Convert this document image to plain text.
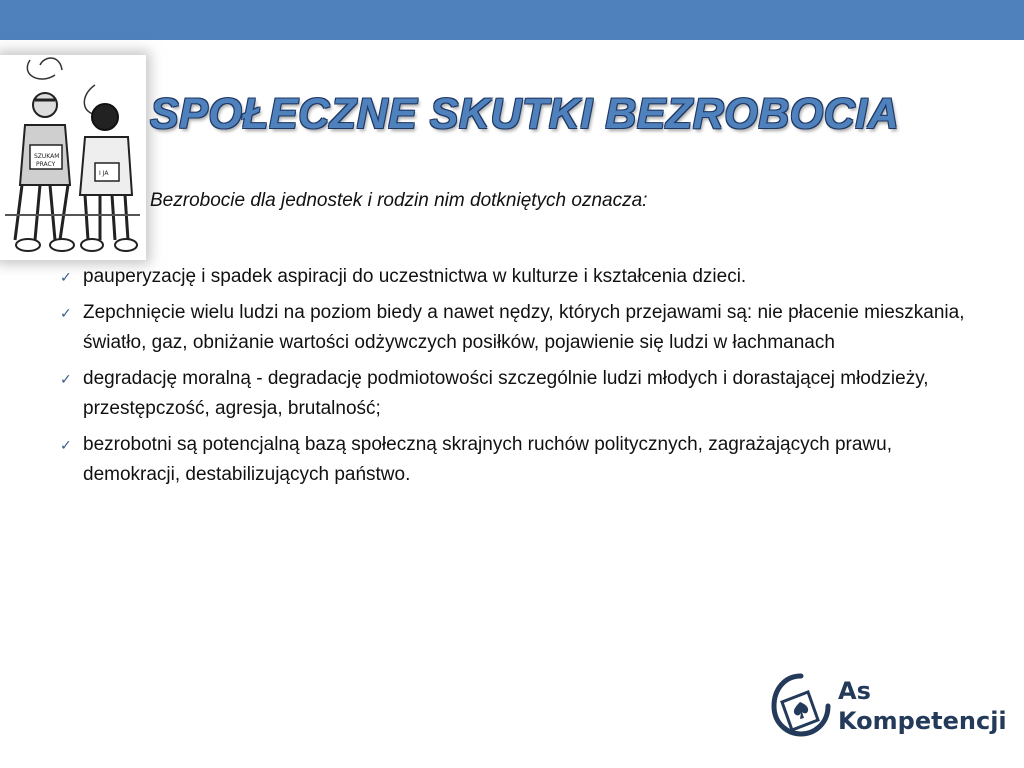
SZUKAM
PRACY
I JA
SPOŁECZNE SKUTKI BEZROBOCIA
Bezrobocie dla jednostek i rodzin nim dotkniętych oznacza:
✓ pauperyzację i spadek aspiracji do uczestnictwa w kulturze i kształcenia dzieci.
✓ Zepchnięcie wielu ludzi na poziom biedy a nawet nędzy, których przejawami są: nie płacenie mieszkania, światło, gaz, obniżanie wartości odżywczych posiłków, pojawienie się ludzi w łachmanach
✓ degradację moralną - degradację podmiotowości szczególnie ludzi młodych i dorastającej młodzieży, przestępczość, agresja, brutalność;
✓ bezrobotni są potencjalną bazą społeczną skrajnych ruchów politycznych, zagrażających prawu, demokracji, destabilizujących państwo.
As
Kompetencji
